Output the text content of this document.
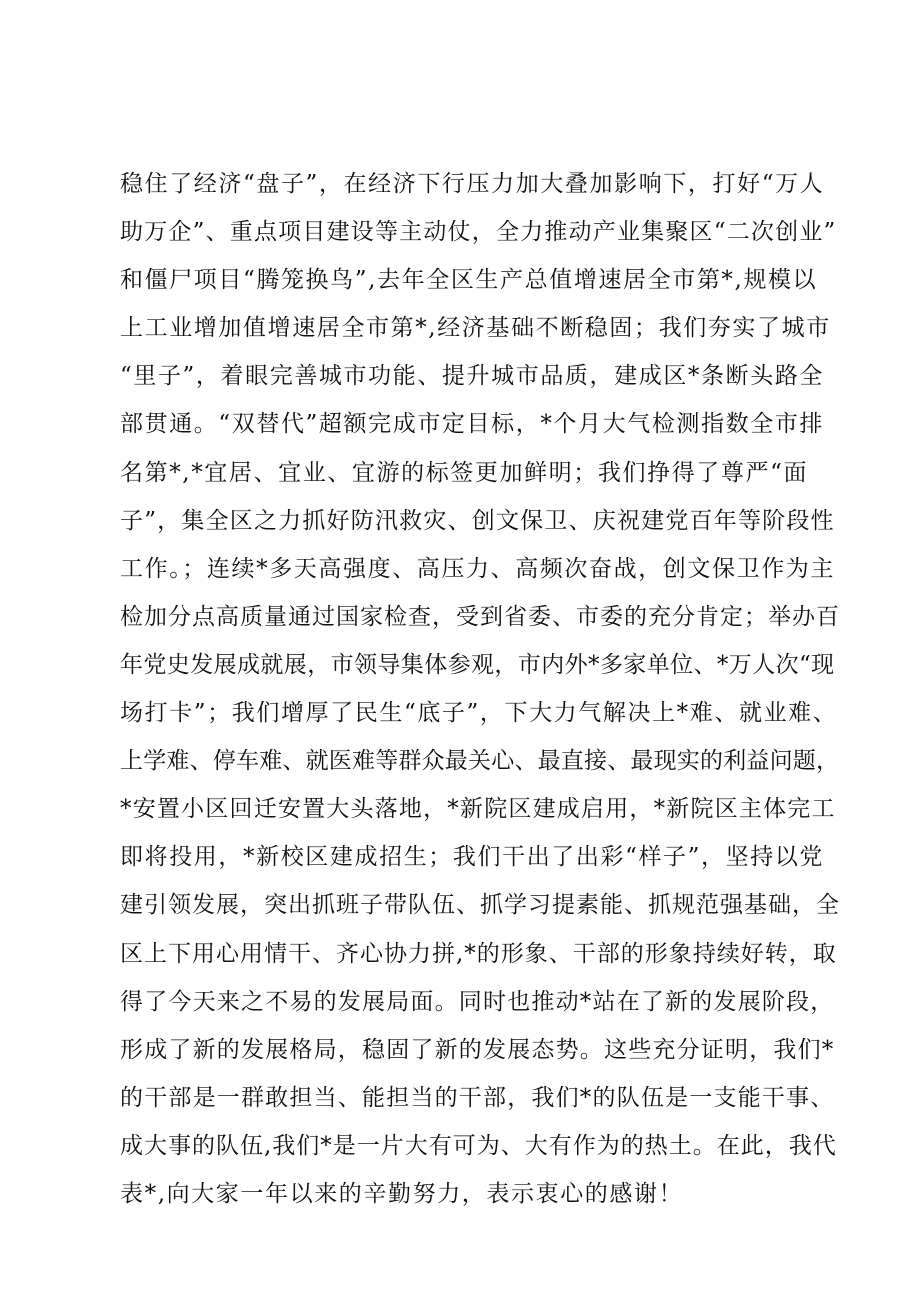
稳住了经济“盘子”，在经济下行压力加大叠加影响下，打好“万人
助万企”、重点项目建设等主动仗，全力推动产业集聚区“二次创业”
和僵尸项目“腾笼换鸟”,去年全区生产总值增速居全市第*,规模以
上工业增加值增速居全市第*,经济基础不断稳固；我们夯实了城市
“里子”，着眼完善城市功能、提升城市品质，建成区*条断头路全
部贯通。“双替代”超额完成市定目标，*个月大气检测指数全市排
名第*,*宜居、宜业、宜游的标签更加鲜明；我们挣得了尊严“面
子”，集全区之力抓好防汛救灾、创文保卫、庆祝建党百年等阶段性
工作。；连续*多天高强度、高压力、高频次奋战，创文保卫作为主
检加分点高质量通过国家检查，受到省委、市委的充分肯定；举办百
年党史发展成就展，市领导集体参观，市内外*多家单位、*万人次“现
场打卡”；我们增厚了民生“底子”，下大力气解决上*难、就业难、
上学难、停车难、就医难等群众最关心、最直接、最现实的利益问题，
*安置小区回迁安置大头落地，*新院区建成启用，*新院区主体完工
即将投用，*新校区建成招生；我们干出了出彩“样子”，坚持以党
建引领发展，突出抓班子带队伍、抓学习提素能、抓规范强基础，全
区上下用心用情干、齐心协力拼,*的形象、干部的形象持续好转，取
得了今天来之不易的发展局面。同时也推动*站在了新的发展阶段，
形成了新的发展格局，稳固了新的发展态势。这些充分证明，我们*
的干部是一群敢担当、能担当的干部，我们*的队伍是一支能干事、
成大事的队伍,我们*是一片大有可为、大有作为的热土。在此，我代
表*,向大家一年以来的辛勤努力，表示衷心的感谢！
